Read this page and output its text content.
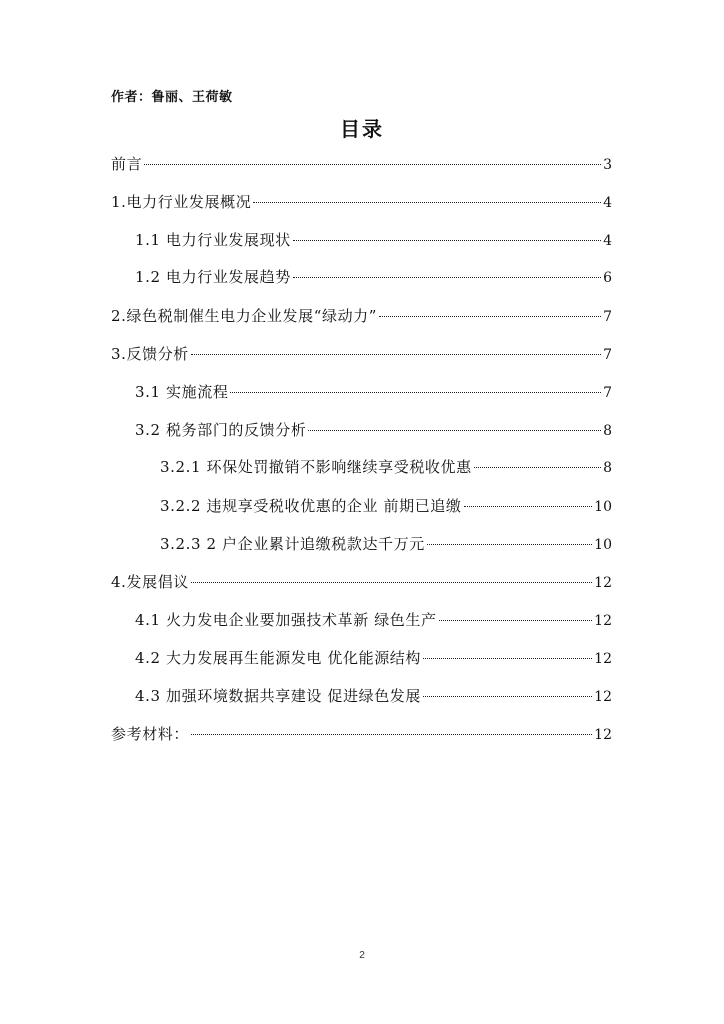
作者：鲁丽、王荷敏
目录
前言	3
1.电力行业发展概况	4
1.1 电力行业发展现状	4
1.2 电力行业发展趋势	6
2.绿色税制催生电力企业发展“绿动力”	7
3.反馈分析	7
3.1 实施流程	7
3.2 税务部门的反馈分析	8
3.2.1 环保处罚撤销不影响继续享受税收优惠	8
3.2.2 违规享受税收优惠的企业 前期已追缴	10
3.2.3 2 户企业累计追缴税款达千万元	10
4.发展倡议	12
4.1 火力发电企业要加强技术革新 绿色生产	12
4.2 大力发展再生能源发电 优化能源结构	12
4.3 加强环境数据共享建设 促进绿色发展	12
参考材料：	12
2
